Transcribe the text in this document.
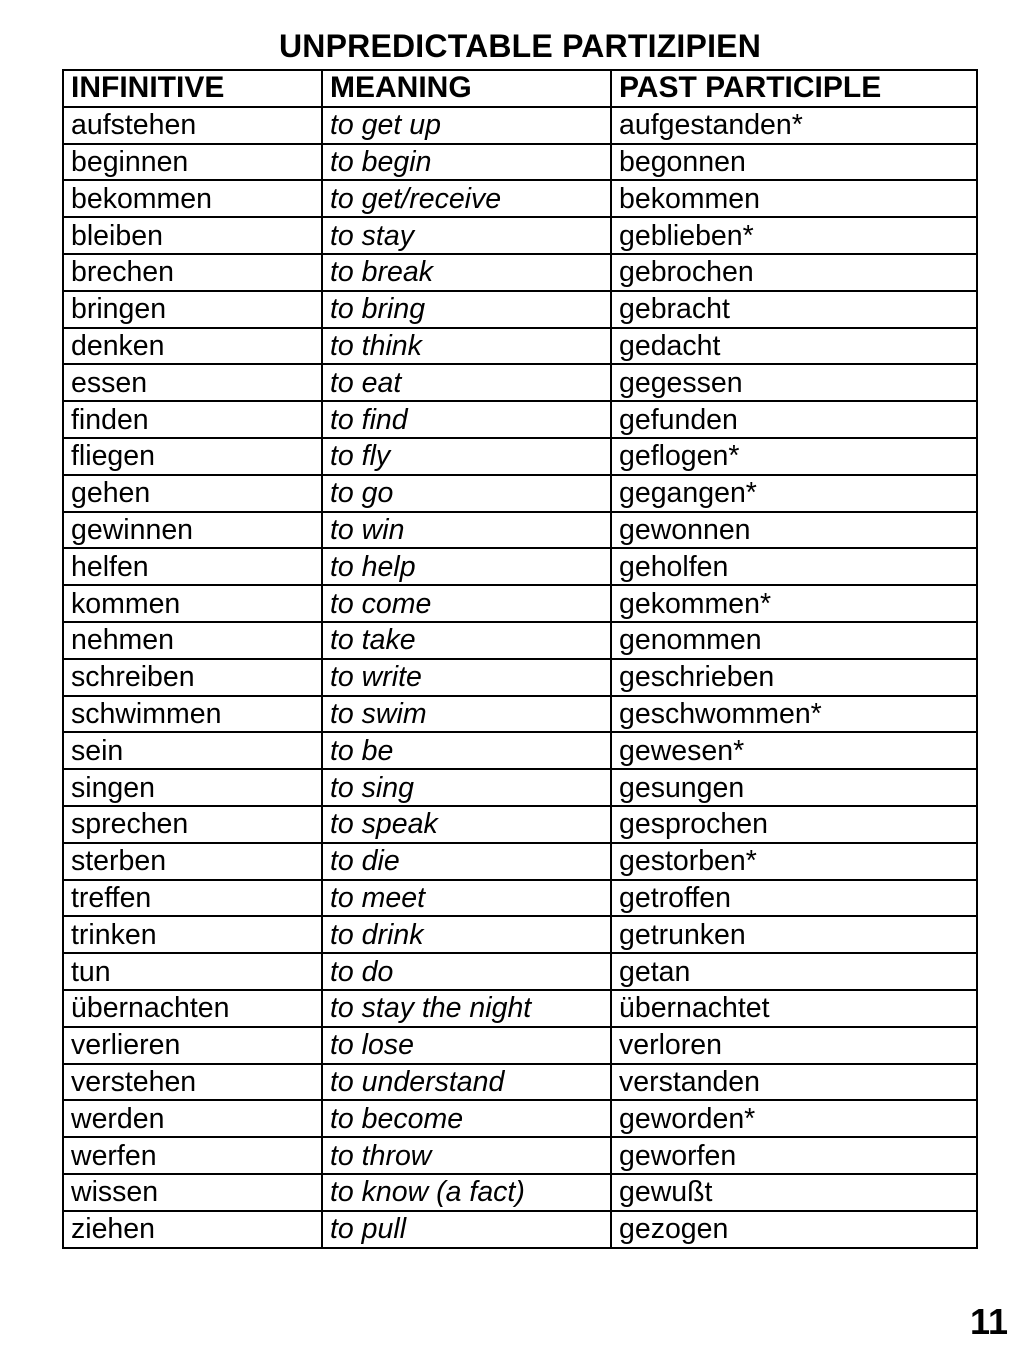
UNPREDICTABLE PARTIZIPIEN
INFINITIVE	MEANING	PAST PARTICIPLE
aufstehen	to get up	aufgestanden*
beginnen	to begin	begonnen
bekommen	to get/receive	bekommen
bleiben	to stay	geblieben*
brechen	to break	gebrochen
bringen	to bring	gebracht
denken	to think	gedacht
essen	to eat	gegessen
finden	to find	gefunden
fliegen	to fly	geflogen*
gehen	to go	gegangen*
gewinnen	to win	gewonnen
helfen	to help	geholfen
kommen	to come	gekommen*
nehmen	to take	genommen
schreiben	to write	geschrieben
schwimmen	to swim	geschwommen*
sein	to be	gewesen*
singen	to sing	gesungen
sprechen	to speak	gesprochen
sterben	to die	gestorben*
treffen	to meet	getroffen
trinken	to drink	getrunken
tun	to do	getan
übernachten	to stay the night	übernachtet
verlieren	to lose	verloren
verstehen	to understand	verstanden
werden	to become	geworden*
werfen	to throw	geworfen
wissen	to know (a fact)	gewußt
ziehen	to pull	gezogen
11
